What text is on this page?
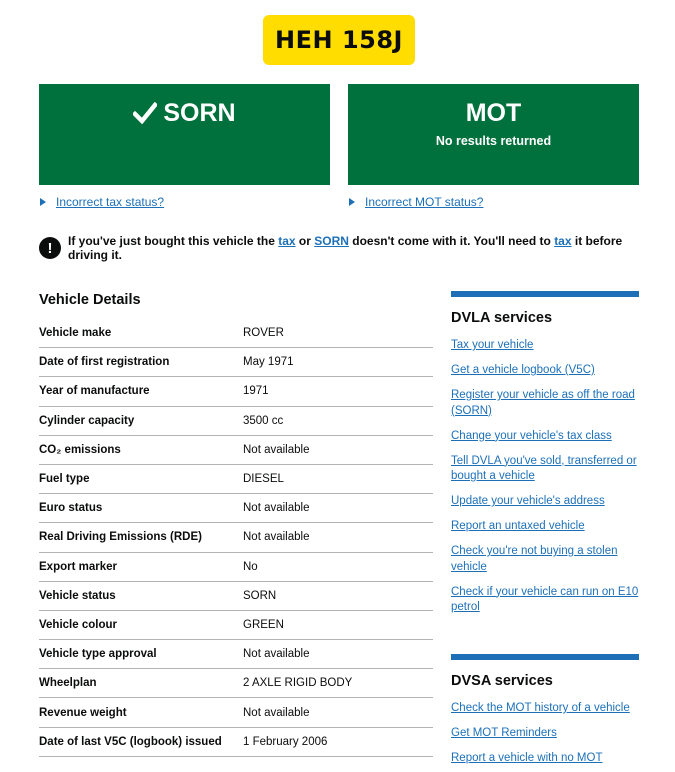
HEH 158J
SORN	MOT
No results returned
Incorrect tax status?	Incorrect MOT status?
!	If you've just bought this vehicle the tax or SORN doesn't come with it. You'll need to tax it before driving it.
Vehicle Details
Vehicle make	ROVER
Date of first registration	May 1971
Year of manufacture	1971
Cylinder capacity	3500 cc
CO₂ emissions	Not available
Fuel type	DIESEL
Euro status	Not available
Real Driving Emissions (RDE)	Not available
Export marker	No
Vehicle status	SORN
Vehicle colour	GREEN
Vehicle type approval	Not available
Wheelplan	2 AXLE RIGID BODY
Revenue weight	Not available
Date of last V5C (logbook) issued	1 February 2006
DVLA services
Tax your vehicle
Get a vehicle logbook (V5C)
Register your vehicle as off the road (SORN)
Change your vehicle's tax class
Tell DVLA you've sold, transferred or bought a vehicle
Update your vehicle's address
Report an untaxed vehicle
Check you're not buying a stolen vehicle
Check if your vehicle can run on E10 petrol
DVSA services
Check the MOT history of a vehicle
Get MOT Reminders
Report a vehicle with no MOT
